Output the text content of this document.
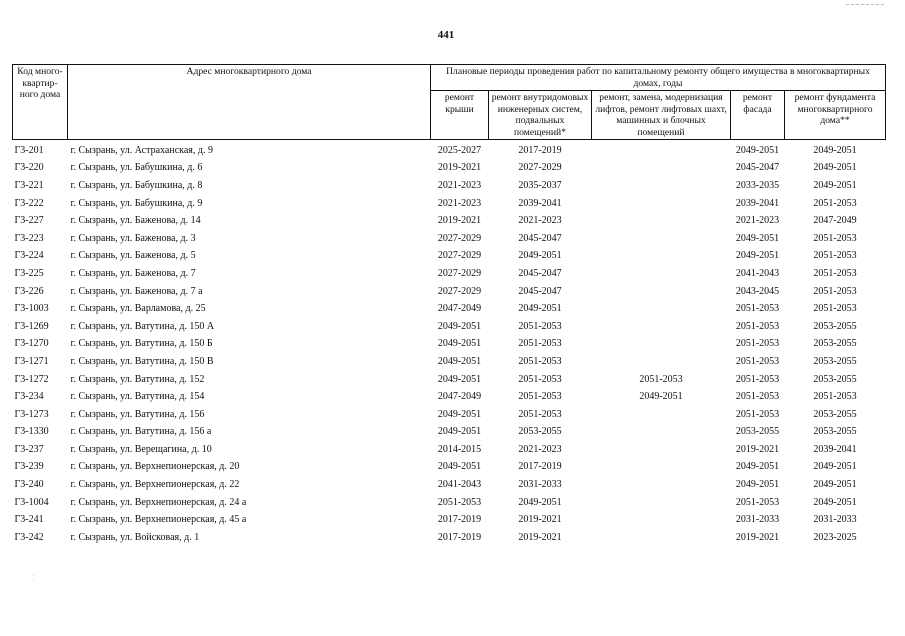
441
Код много-квартир-ного дома	Адрес многоквартирного дома	Плановые периоды проведения работ по капитальному ремонту общего имущества в многоквартирных домах, годы				
		ремонт крыши	ремонт внутридомовых инженерных систем, подвальных помещений*	ремонт, замена, модернизация лифтов, ремонт лифтовых шахт, машинных и блочных помещений	ремонт фасада	ремонт фундамента многоквартирного дома**
Г3-201	г. Сызрань, ул. Астраханская, д. 9	2025-2027	2017-2019		2049-2051	2049-2051
Г3-220	г. Сызрань, ул. Бабушкина, д. 6	2019-2021	2027-2029		2045-2047	2049-2051
Г3-221	г. Сызрань, ул. Бабушкина, д. 8	2021-2023	2035-2037		2033-2035	2049-2051
Г3-222	г. Сызрань, ул. Бабушкина, д. 9	2021-2023	2039-2041		2039-2041	2051-2053
Г3-227	г. Сызрань, ул. Баженова, д. 14	2019-2021	2021-2023		2021-2023	2047-2049
Г3-223	г. Сызрань, ул. Баженова, д. 3	2027-2029	2045-2047		2049-2051	2051-2053
Г3-224	г. Сызрань, ул. Баженова, д. 5	2027-2029	2049-2051		2049-2051	2051-2053
Г3-225	г. Сызрань, ул. Баженова, д. 7	2027-2029	2045-2047		2041-2043	2051-2053
Г3-226	г. Сызрань, ул. Баженова, д. 7 а	2027-2029	2045-2047		2043-2045	2051-2053
Г3-1003	г. Сызрань, ул. Варламова, д. 25	2047-2049	2049-2051		2051-2053	2051-2053
Г3-1269	г. Сызрань, ул. Ватутина, д. 150 А	2049-2051	2051-2053		2051-2053	2053-2055
Г3-1270	г. Сызрань, ул. Ватутина, д. 150 Б	2049-2051	2051-2053		2051-2053	2053-2055
Г3-1271	г. Сызрань, ул. Ватутина, д. 150 В	2049-2051	2051-2053		2051-2053	2053-2055
Г3-1272	г. Сызрань, ул. Ватутина, д. 152	2049-2051	2051-2053	2051-2053	2051-2053	2053-2055
Г3-234	г. Сызрань, ул. Ватутина, д. 154	2047-2049	2051-2053	2049-2051	2051-2053	2051-2053
Г3-1273	г. Сызрань, ул. Ватутина, д. 156	2049-2051	2051-2053		2051-2053	2053-2055
Г3-1330	г. Сызрань, ул. Ватутина, д. 156 а	2049-2051	2053-2055		2053-2055	2053-2055
Г3-237	г. Сызрань, ул. Верещагина, д. 10	2014-2015	2021-2023		2019-2021	2039-2041
Г3-239	г. Сызрань, ул. Верхнепионерская, д. 20	2049-2051	2017-2019		2049-2051	2049-2051
Г3-240	г. Сызрань, ул. Верхнепионерская, д. 22	2041-2043	2031-2033		2049-2051	2049-2051
Г3-1004	г. Сызрань, ул. Верхнепионерская, д. 24 а	2051-2053	2049-2051		2051-2053	2049-2051
Г3-241	г. Сызрань, ул. Верхнепионерская, д. 45 а	2017-2019	2019-2021		2031-2033	2031-2033
Г3-242	г. Сызрань, ул. Войсковая, д. 1	2017-2019	2019-2021		2019-2021	2023-2025
⁚
·
